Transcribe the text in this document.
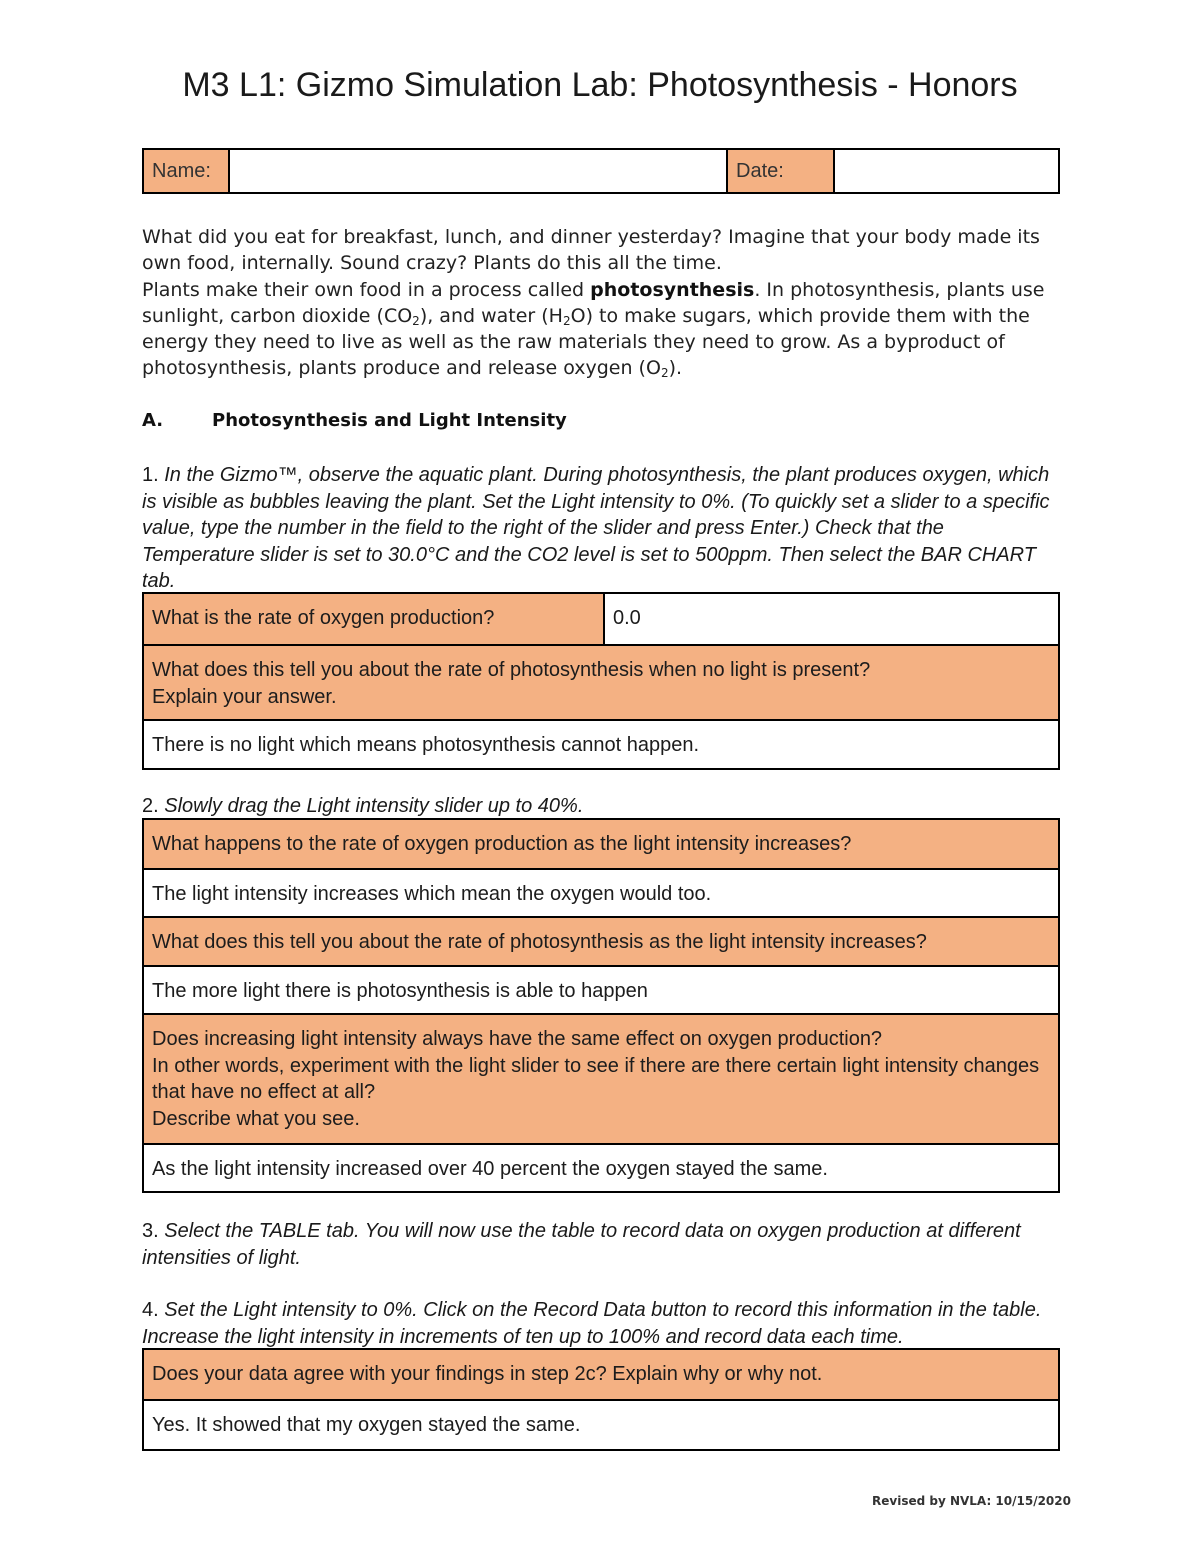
M3 L1: Gizmo Simulation Lab: Photosynthesis - Honors
Name:	Date:

What did you eat for breakfast, lunch, and dinner yesterday? Imagine that your body made its own food, internally. Sound crazy? Plants do this all the time.

Plants make their own food in a process called photosynthesis. In photosynthesis, plants use sunlight, carbon dioxide $(CO_2)$, and water $(H_2O)$ to make sugars, which provide them with the energy they need to live as well as the raw materials they need to grow. As a byproduct of photosynthesis, plants produce and release oxygen $(O_2)$.

A.	Photosynthesis and Light Intensity
1. In the Gizmo™, observe the aquatic plant. During photosynthesis, the plant produces oxygen, which is visible as bubbles leaving the plant. Set the Light intensity to 0%. (To quickly set a slider to a specific value, type the number in the field to the right of the slider and press Enter.) Check that the Temperature slider is set to 30.0°C and the CO2 level is set to 500ppm. Then select the BAR CHART tab.
What is the rate of oxygen production?	0.0
What does this tell you about the rate of photosynthesis when no light is present?
Explain your answer.
There is no light which means photosynthesis cannot happen.
2. Slowly drag the Light intensity slider up to 40%.
What happens to the rate of oxygen production as the light intensity increases?
The light intensity increases which mean the oxygen would too.
What does this tell you about the rate of photosynthesis as the light intensity increases?
The more light there is photosynthesis is able to happen
Does increasing light intensity always have the same effect on oxygen production?
In other words, experiment with the light slider to see if there are there certain light intensity changes that have no effect at all?
Describe what you see.
As the light intensity increased over 40 percent the oxygen stayed the same.
3. Select the TABLE tab. You will now use the table to record data on oxygen production at different intensities of light.
4. Set the Light intensity to 0%. Click on the Record Data button to record this information in the table. Increase the light intensity in increments of ten up to 100% and record data each time.
Does your data agree with your findings in step 2c? Explain why or why not.
Yes. It showed that my oxygen stayed the same.
Revised by NVLA: 10/15/2020
